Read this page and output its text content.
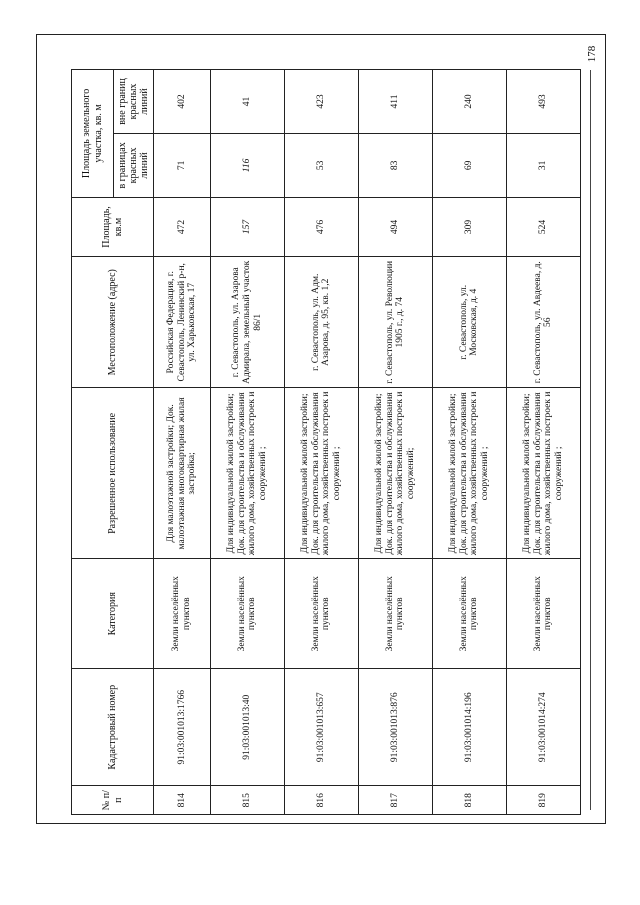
178
№ п/п	Кадастровый номер	Категория	Разрешенное использование	Местоположение (адрес)	Площадь, кв.м	Площадь земельного участка, кв. м	
						в границах красных линий	вне границ красных линий
814	91:03:001013:1766	Земли населённых пунктов	Для малоэтажной застройки; Док. малоэтажная многоквартирная жилая застройка;	Российская Федерация, г. Севастополь, Ленинский р-н, ул. Харьковская, 17	472	71	402
815	91:03:001013:40	Земли населённых пунктов	Для индивидуальной жилой застройки; Док. для строительства и обслуживания жилого дома, хозяйственных построек и сооружений ;	г. Севастополь, ул. Азарова Адмирала, земельный участок 86/1	157	116	41
816	91:03:001013:657	Земли населённых пунктов	Для индивидуальной жилой застройки; Док. для строительства и обслуживания жилого дома, хозяйственных построек и сооружений ;	г. Севастополь, ул. Адм. Азарова, д. 95, кв. 1,2	476	53	423
817	91:03:001013:876	Земли населённых пунктов	Для индивидуальной жилой застройки; Док. для строительства и обслуживания жилого дома, хозяйственных построек и сооружений;	г. Севастополь, ул. Революции 1905 г., д. 74	494	83	411
818	91:03:001014:196	Земли населённых пунктов	Для индивидуальной жилой застройки; Док. для строительства и обслуживания жилого дома, хозяйственных построек и сооружений ;	г. Севастополь, ул. Московская, д. 4	309	69	240
819	91:03:001014:274	Земли населённых пунктов	Для индивидуальной жилой застройки; Док. для строительства и обслуживания жилого дома, хозяйственных построек и сооружений ;	г. Севастополь, ул. Авдеева, д. 56	524	31	493
